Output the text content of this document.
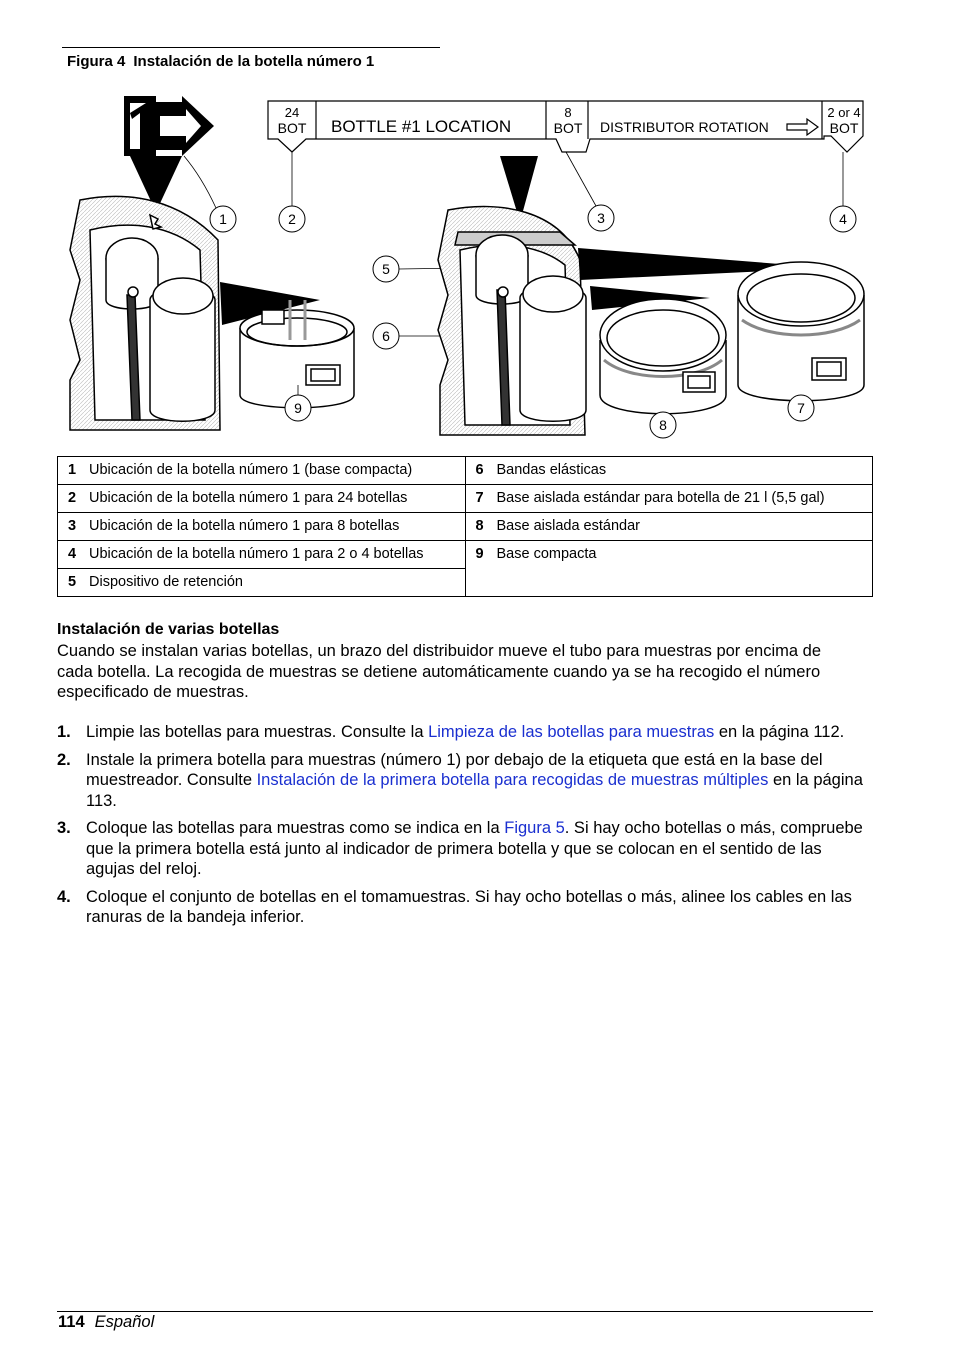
Figura 4 Instalación de la botella número 1
24
BOT BOTTLE #1 LOCATION
8
BOT DISTRIBUTOR ROTATION
2 or 4
BOT
1	2	3	4
5
6
7
8
9
1 Ubicación de la botella número 1 (base compacta)	6 Bandas elásticas

2 Ubicación de la botella número 1 para 24 botellas	7 Base aislada estándar para botella de 21 l (5,5 gal)

3 Ubicación de la botella número 1 para 8 botellas	8 Base aislada estándar

4 Ubicación de la botella número 1 para 2 o 4 botellas	9 Base compacta

5 Dispositivo de retención	
Instalación de varias botellas
Cuando se instalan varias botellas, un brazo del distribuidor mueve el tubo para muestras por encima de cada botella. La recogida de muestras se detiene automáticamente cuando ya se ha recogido el número especificado de muestras.
1. Limpie las botellas para muestras. Consulte la Limpieza de las botellas para muestras en la página 112.
2. Instale la primera botella para muestras (número 1) por debajo de la etiqueta que está en la base del muestreador. Consulte Instalación de la primera botella para recogidas de muestras múltiples en la página 113.
3. Coloque las botellas para muestras como se indica en la Figura 5. Si hay ocho botellas o más, compruebe que la primera botella está junto al indicador de primera botella y que se colocan en el sentido de las agujas del reloj.
4. Coloque el conjunto de botellas en el tomamuestras. Si hay ocho botellas o más, alinee los cables en las ranuras de la bandeja inferior.
114 Español
